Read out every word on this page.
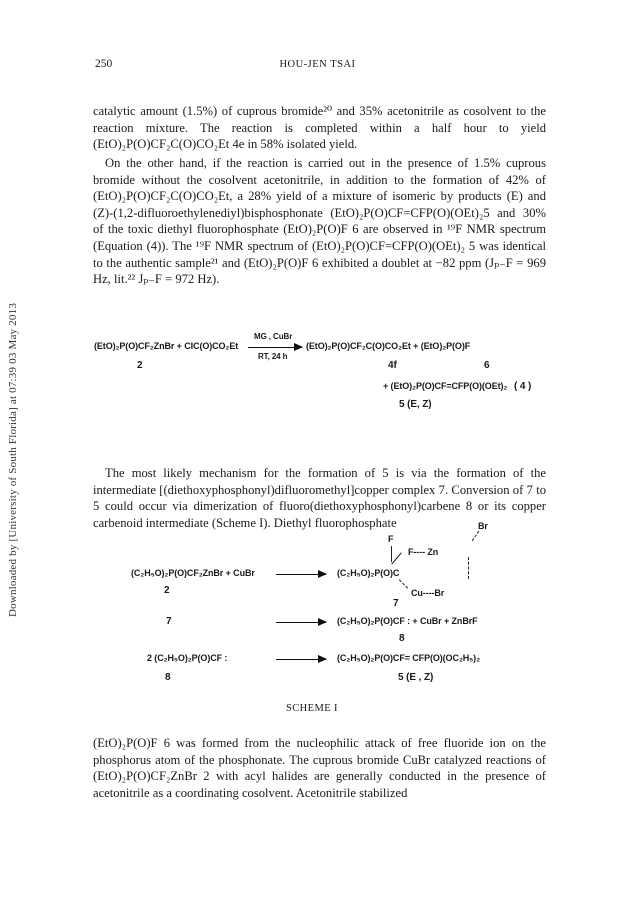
Downloaded by [University of South Florida] at 07:39 03 May 2013
250	HOU-JEN TSAI

catalytic amount (1.5%) of cuprous bromide²⁰ and 35% acetonitrile as cosolvent to the reaction mixture. The reaction is completed within a half hour to yield (EtO)₂P(O)CF₂C(O)CO₂Et 4e in 58% isolated yield.

On the other hand, if the reaction is carried out in the presence of 1.5% cuprous bromide without the cosolvent acetonitrile, in addition to the formation of 42% of (EtO)₂P(O)CF₂C(O)CO₂Et, a 28% yield of a mixture of isomeric by products (E) and (Z)-(1,2-difluoroethylenediyl)bisphosphonate (EtO)₂P(O)CF=CFP(O)(OEt)₂5 and 30% of the toxic diethyl fluorophosphate (EtO)₂P(O)F 6 are observed in ¹⁹F NMR spectrum (Equation (4)). The ¹⁹F NMR spectrum of (EtO)₂P(O)CF=CFP(O)(OEt)₂ 5 was identical to the authentic sample²¹ and (EtO)₂P(O)F 6 exhibited a doublet at −82 ppm (Jₚ₋F = 969 Hz, lit.²² Jₚ₋F = 972 Hz).

(EtO)₂P(O)CF₂ZnBr + ClC(O)CO₂Et
MG , CuBr
RT, 24 h
(EtO)₂P(O)CF₂C(O)CO₂Et + (EtO)₂P(O)F
2	4f	6
+ (EtO)₂P(O)CF=CFP(O)(OEt)₂ ( 4 )
5 (E, Z)

The most likely mechanism for the formation of 5 is via the formation of the intermediate [(diethoxyphosphonyl)difluoromethyl]copper complex 7. Conversion of 7 to 5 could occur via dimerization of fluoro(diethoxyphosphonyl)carbene 8 or its copper carbenoid intermediate (Scheme I). Diethyl fluorophosphate

(C₂H₅O)₂P(O)CF₂ZnBr + CuBr
2
F
Br
F---- Zn
(C₂H₅O)₂P(O)C
Cu----Br
7
7	(C₂H₅O)₂P(O)CF : + CuBr + ZnBrF
8
2 (C₂H₅O)₂P(O)CF :	(C₂H₅O)₂P(O)CF= CFP(O)(OC₂H₅)₂
8	5 (E , Z)
SCHEME I

(EtO)₂P(O)F 6 was formed from the nucleophilic attack of free fluoride ion on the phosphorus atom of the phosphonate. The cuprous bromide CuBr catalyzed reactions of (EtO)₂P(O)CF₂ZnBr 2 with acyl halides are generally conducted in the presence of acetonitrile as a coordinating cosolvent. Acetonitrile stabilized
